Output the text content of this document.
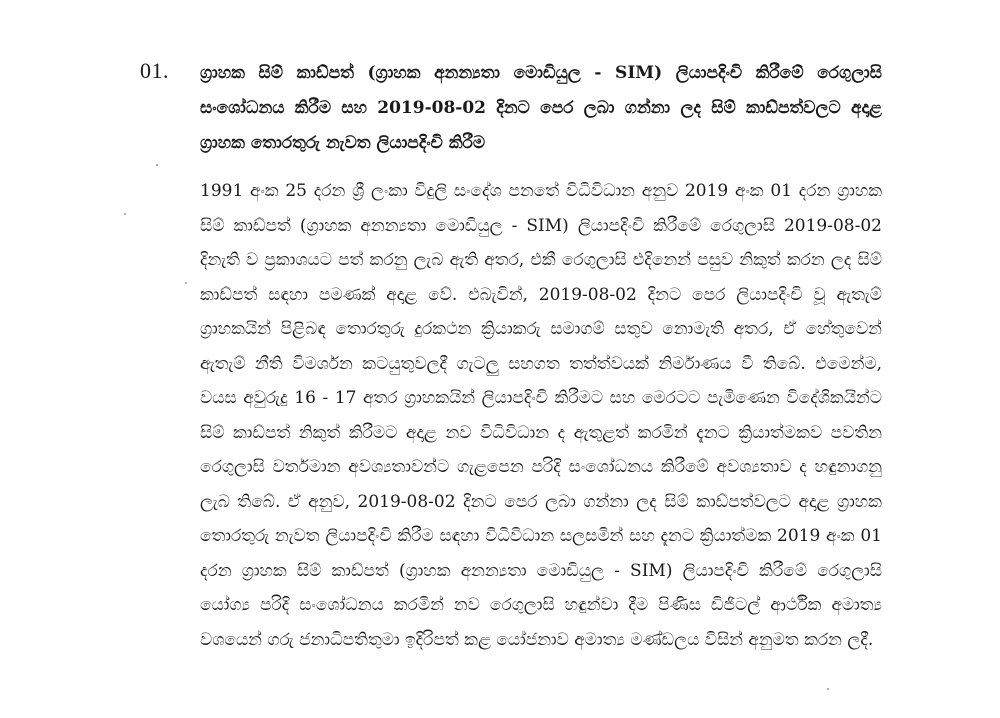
01. ග්‍රාහක සිම් කාඩ්පත් (ග්‍රාහක අනන්‍යතා මොඩියුල - SIM) ලියාපදිංචි කිරීමේ රෙගුලාසි සංශෝධනය කිරීම සහ 2019-08-02 දිනට පෙර ලබා ගන්නා ලද සිම් කාඩ්පත්වලට අදාළ ග්‍රාහක තොරතුරු නැවත ලියාපදිංචි කිරීම
1991 අංක 25 දරන ශ්‍රී ලංකා විදුලි සංදේශ පනතේ විධිවිධාන අනුව 2019 අංක 01 දරන ග්‍රාහක සිම් කාඩ්පත් (ග්‍රාහක අනන්‍යතා මොඩියුල - SIM) ලියාපදිංචි කිරීමේ රෙගුලාසි 2019-08-02 දිනැති ව ප්‍රකාශයට පත් කරනු ලැබ ඇති අතර, එකී රෙගුලාසි එදිනෙන් පසුව නිකුත් කරන ලද සිම් කාඩ්පත් සඳහා පමණක් අදාළ වේ. එබැවින්, 2019-08-02 දිනට පෙර ලියාපදිංචි වූ ඇතැම් ග්‍රාහකයින් පිළිබඳ තොරතුරු දුරකථන ක්‍රියාකරු සමාගම් සතුව නොමැති අතර, ඒ හේතුවෙන් ඇතැම් නීති විමර්ශන කටයුතුවලදී ගැටලු සහගත තත්ත්වයක් නිර්මාණය වී තිබේ. එමෙන්ම, වයස අවුරුදු 16 - 17 අතර ග්‍රාහකයින් ලියාපදිංචි කිරීමට සහ මෙරටට පැමිණෙන විදේශිකයින්ට සිම් කාඩ්පත් නිකුත් කිරීමට අදාළ නව විධිවිධාන ද ඇතුළත් කරමින් දැනට ක්‍රියාත්මකව පවතින රෙගුලාසි වර්තමාන අවශ්‍යතාවන්ට ගැළපෙන පරිදි සංශෝධනය කිරීමේ අවශ්‍යතාව ද හඳුනාගනු ලැබ තිබේ. ඒ අනුව, 2019-08-02 දිනට පෙර ලබා ගන්නා ලද සිම් කාඩ්පත්වලට අදාළ ග්‍රාහක තොරතුරු නැවත ලියාපදිංචි කිරීම සඳහා විධිවිධාන සලසමින් සහ දැනට ක්‍රියාත්මක 2019 අංක 01 දරන ග්‍රාහක සිම් කාඩ්පත් (ග්‍රාහක අනන්‍යතා මොඩියුල - SIM) ලියාපදිංචි කිරීමේ රෙගුලාසි යෝග්‍ය පරිදි සංශෝධනය කරමින් නව රෙගුලාසි හඳුන්වා දීම පිණිස ඩිජිටල් ආර්ථික අමාත්‍ය වශයෙන් ගරු ජනාධිපතිතුමා ඉදිරිපත් කළ යෝජනාව අමාත්‍ය මණ්ඩලය විසින් අනුමත කරන ලදී.
